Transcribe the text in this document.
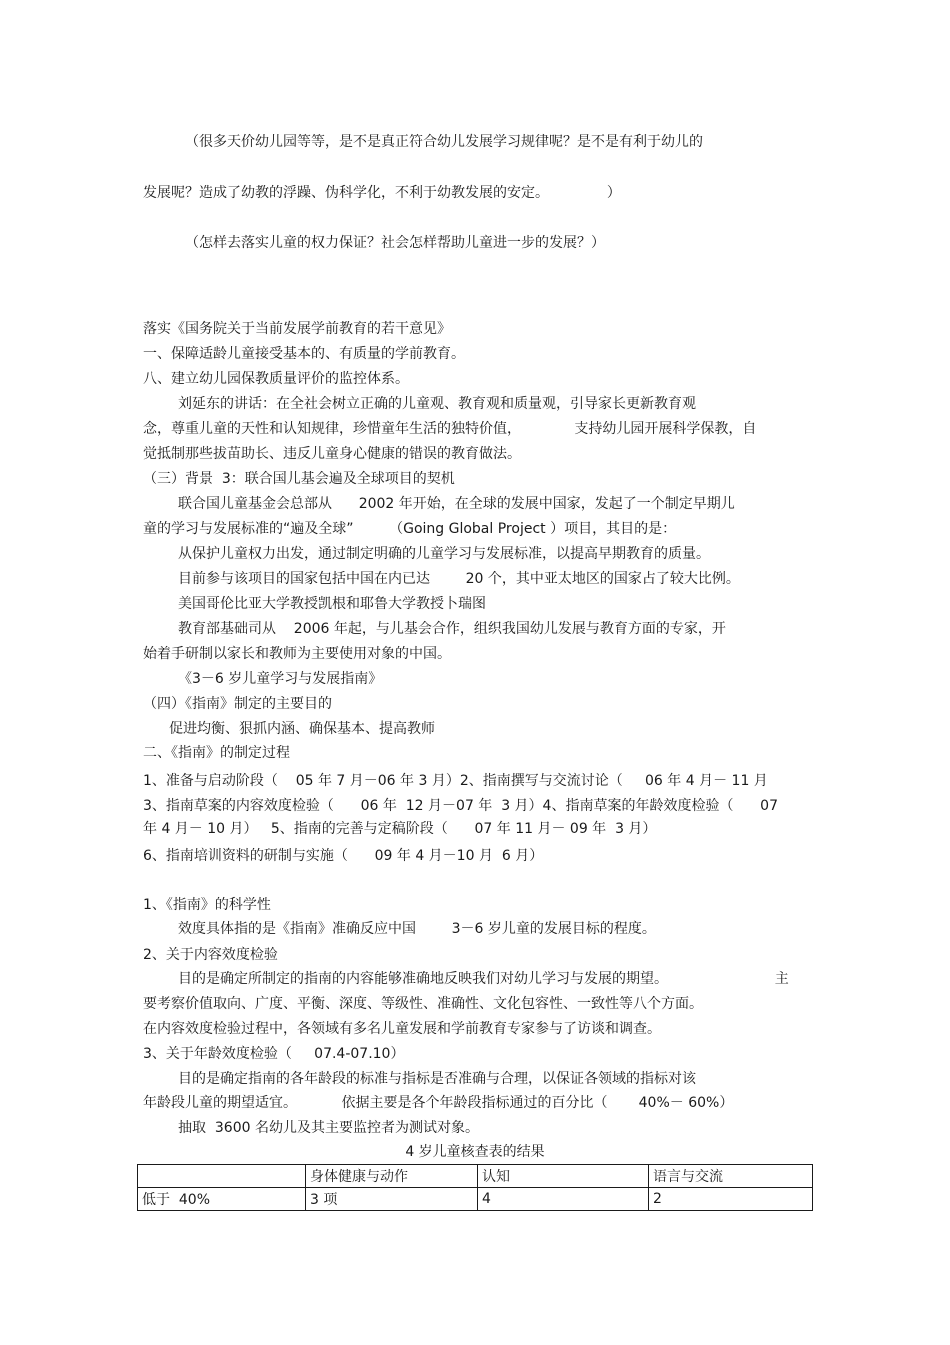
（很多天价幼儿园等等，是不是真正符合幼儿发展学习规律呢？是不是有利于幼儿的
发展呢？造成了幼教的浮躁、伪科学化，不利于幼教发展的安定。             ）
（怎样去落实儿童的权力保证？社会怎样帮助儿童进一步的发展？）
落实《国务院关于当前发展学前教育的若干意见》
一、保障适龄儿童接受基本的、有质量的学前教育。
八、建立幼儿园保教质量评价的监控体系。
刘延东的讲话：在全社会树立正确的儿童观、教育观和质量观，引导家长更新教育观
念，尊重儿童的天性和认知规律，珍惜童年生活的独特价值，            支持幼儿园开展科学保教，自
觉抵制那些拔苗助长、违反儿童身心健康的错误的教育做法。
（三）背景  3：联合国儿基会遍及全球项目的契机
联合国儿童基金会总部从      2002 年开始，在全球的发展中国家，发起了一个制定早期儿
童的学习与发展标准的“遍及全球”        （Going Global Project ）项目，其目的是：
从保护儿童权力出发，通过制定明确的儿童学习与发展标准，以提高早期教育的质量。
目前参与该项目的国家包括中国在内已达        20 个，其中亚太地区的国家占了较大比例。
美国哥伦比亚大学教授凯根和耶鲁大学教授卜瑞图
教育部基础司从    2006 年起，与儿基会合作，组织我国幼儿发展与教育方面的专家，开
始着手研制以家长和教师为主要使用对象的中国。
《3－6 岁儿童学习与发展指南》
（四）《指南》制定的主要目的
促进均衡、狠抓内涵、确保基本、提高教师
二、《指南》的制定过程
1、准备与启动阶段（    05 年 7 月－06 年 3 月）2、指南撰写与交流讨论（     06 年 4 月－ 11 月
3、指南草案的内容效度检验（      06 年  12 月－07 年  3 月）4、指南草案的年龄效度检验（      07
年 4 月－ 10 月）   5、指南的完善与定稿阶段（      07 年 11 月－ 09 年  3 月）
6、指南培训资料的研制与实施（      09 年 4 月－10 月  6 月）
1、《指南》的科学性
效度具体指的是《指南》准确反应中国        3－6 岁儿童的发展目标的程度。
2、关于内容效度检验
目的是确定所制定的指南的内容能够准确地反映我们对幼儿学习与发展的期望。                        主
要考察价值取向、广度、平衡、深度、等级性、准确性、文化包容性、一致性等八个方面。
在内容效度检验过程中，各领域有多名儿童发展和学前教育专家参与了访谈和调查。
3、关于年龄效度检验（     07.4-07.10）
目的是确定指南的各年龄段的标准与指标是否准确与合理，以保证各领域的指标对该
年龄段儿童的期望适宜。          依据主要是各个年龄段指标通过的百分比（       40%－ 60%）
抽取  3600 名幼儿及其主要监控者为测试对象。
4 岁儿童核查表的结果
	身体健康与动作	认知	语言与交流
低于  40%	3 项	4	2
